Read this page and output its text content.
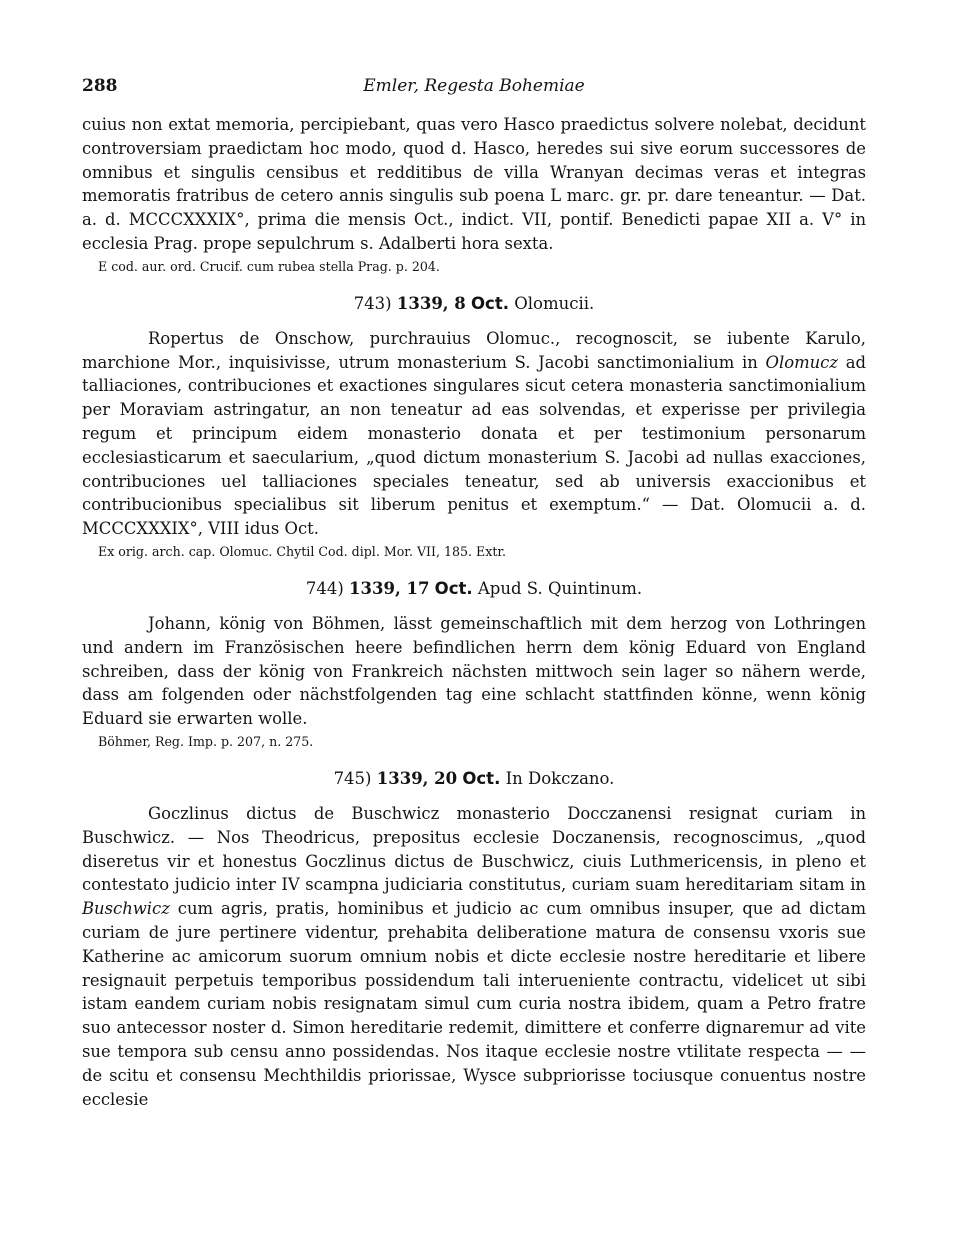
288	Emler, Regesta Bohemiae

cuius non extat memoria, percipiebant, quas vero Hasco praedictus solvere nolebat, decidunt controversiam praedictam hoc modo, quod d. Hasco, heredes sui sive eorum successores de omnibus et singulis censibus et redditibus de villa Wranyan decimas veras et integras memoratis fratribus de cetero annis singulis sub poena L marc. gr. pr. dare teneantur. — Dat. a. d. MCCCXXXIX°, prima die mensis Oct., indict. VII, pontif. Benedicti papae XII a. V° in ecclesia Prag. prope sepulchrum s. Adalberti hora sexta.

E cod. aur. ord. Crucif. cum rubea stella Prag. p. 204.

743) 1339, 8 Oct. Olomucii.

Ropertus de Onschow, purchrauius Olomuc., recognoscit, se iubente Karulo, marchione Mor., inquisivisse, utrum monasterium S. Jacobi sanctimonialium in Olomucz ad talliaciones, contribuciones et exactiones singulares sicut cetera monasteria sanctimonialium per Moraviam astringatur, an non teneatur ad eas solvendas, et experisse per privilegia regum et principum eidem monasterio donata et per testimonium personarum ecclesiasticarum et saecularium, „quod dictum monasterium S. Jacobi ad nullas exacciones, contribuciones uel talliaciones speciales teneatur, sed ab universis exaccionibus et contribucionibus specialibus sit liberum penitus et exemptum.“ — Dat. Olomucii a. d. MCCCXXXIX°, VIII idus Oct.

Ex orig. arch. cap. Olomuc. Chytil Cod. dipl. Mor. VII, 185. Extr.

744) 1339, 17 Oct. Apud S. Quintinum.

Johann, könig von Böhmen, lässt gemeinschaftlich mit dem herzog von Lothringen und andern im Französischen heere befindlichen herrn dem könig Eduard von England schreiben, dass der könig von Frankreich nächsten mittwoch sein lager so nähern werde, dass am folgenden oder nächstfolgenden tag eine schlacht stattfinden könne, wenn könig Eduard sie erwarten wolle.

Böhmer, Reg. Imp. p. 207, n. 275.

745) 1339, 20 Oct. In Dokczano.

Goczlinus dictus de Buschwicz monasterio Docczanensi resignat curiam in Buschwicz. — Nos Theodricus, prepositus ecclesie Doczanensis, recognoscimus, „quod diseretus vir et honestus Goczlinus dictus de Buschwicz, ciuis Luthmericensis, in pleno et contestato judicio inter IV scampna judiciaria constitutus, curiam suam hereditariam sitam in Buschwicz cum agris, pratis, hominibus et judicio ac cum omnibus insuper, que ad dictam curiam de jure pertinere videntur, prehabita deliberatione matura de consensu vxoris sue Katherine ac amicorum suorum omnium nobis et dicte ecclesie nostre hereditarie et libere resignauit perpetuis temporibus possidendum tali interueniente contractu, videlicet ut sibi istam eandem curiam nobis resignatam simul cum curia nostra ibidem, quam a Petro fratre suo antecessor noster d. Simon hereditarie redemit, dimittere et conferre dignaremur ad vite sue tempora sub censu anno possidendas. Nos itaque ecclesie nostre vtilitate respecta — — de scitu et consensu Mechthildis priorissae, Wysce subpriorisse tociusque conuentus nostre ecclesie
